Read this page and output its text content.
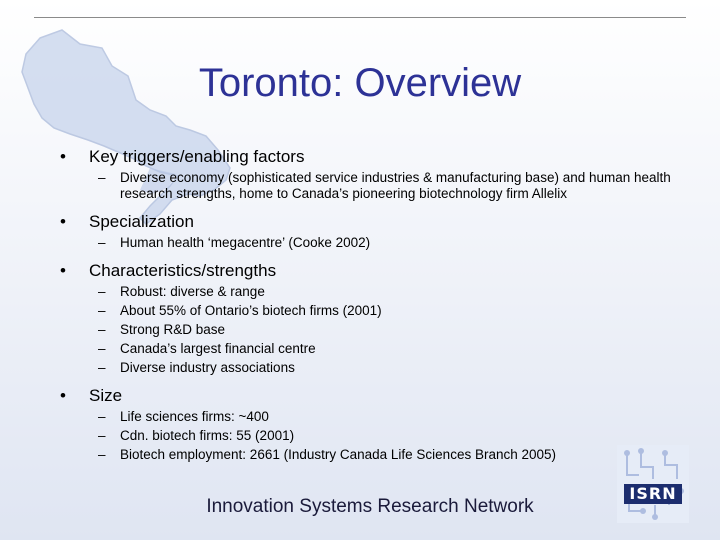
Toronto: Overview
• Key triggers/enabling factors
– Diverse economy (sophisticated service industries & manufacturing base) and human health research strengths, home to Canada’s pioneering biotechnology firm Allelix
• Specialization
– Human health ‘megacentre’ (Cooke 2002)
• Characteristics/strengths
– Robust: diverse & range
– About 55% of Ontario’s biotech firms (2001)
– Strong R&D base
– Canada’s largest financial centre
– Diverse industry associations
• Size
– Life sciences firms: ~400
– Cdn. biotech firms: 55 (2001)
– Biotech employment: 2661 (Industry Canada Life Sciences Branch 2005)
ISRN
Innovation Systems Research Network
